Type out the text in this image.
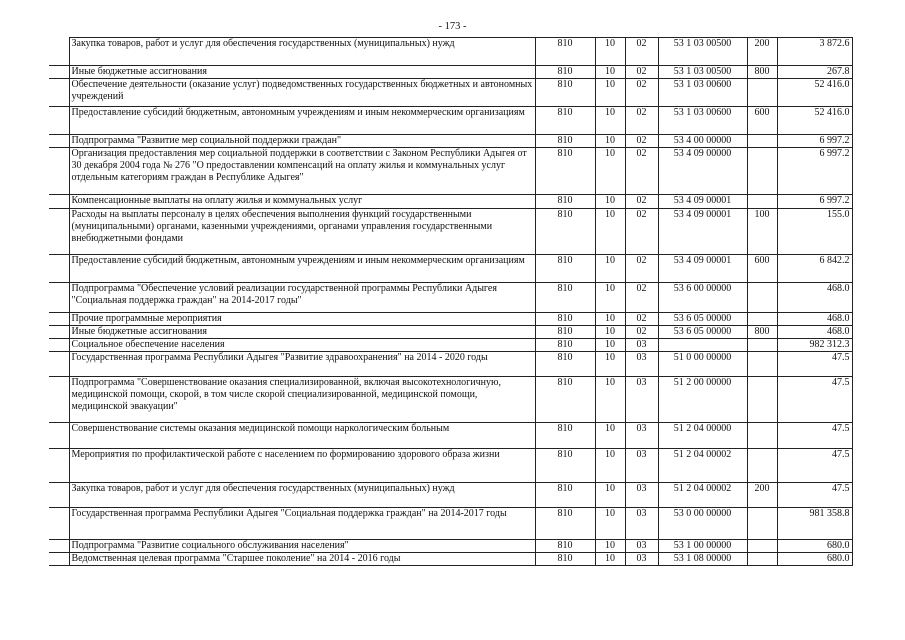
- 173 -
	Закупка товаров, работ и услуг для обеспечения государственных (муниципальных) нужд	810	10	02	53 1 03 00500	200	3 872.6
	Иные бюджетные ассигнования	810	10	02	53 1 03 00500	800	267.8
	Обеспечение деятельности (оказание услуг) подведомственных государственных бюджетных и автономных учреждений	810	10	02	53 1 03 00600		52 416.0
	Предоставление субсидий бюджетным, автономным учреждениям и иным некоммерческим организациям	810	10	02	53 1 03 00600	600	52 416.0
	Подпрограмма "Развитие мер социальной поддержки граждан"	810	10	02	53 4 00 00000		6 997.2
	Организация предоставления мер социальной поддержки в соответствии с Законом Республики Адыгея от 30 декабря 2004 года № 276 "О предоставлении компенсаций на оплату жилья и коммунальных услуг отдельным категориям граждан в Республике Адыгея"	810	10	02	53 4 09 00000		6 997.2
	Компенсационные выплаты на оплату жилья и коммунальных услуг	810	10	02	53 4 09 00001		6 997.2
	Расходы на выплаты персоналу в целях обеспечения выполнения функций государственными (муниципальными) органами, казенными учреждениями, органами управления государственными внебюджетными фондами	810	10	02	53 4 09 00001	100	155.0
	Предоставление субсидий бюджетным, автономным учреждениям и иным некоммерческим организациям	810	10	02	53 4 09 00001	600	6 842.2
	Подпрограмма "Обеспечение условий реализации государственной программы Республики Адыгея "Социальная поддержка граждан" на 2014-2017 годы"	810	10	02	53 6 00 00000		468.0
	Прочие программные мероприятия	810	10	02	53 6 05 00000		468.0
	Иные бюджетные ассигнования	810	10	02	53 6 05 00000	800	468.0
	Социальное обеспечение населения	810	10	03			982 312.3
	Государственная программа Республики Адыгея "Развитие здравоохранения" на 2014 - 2020 годы	810	10	03	51 0 00 00000		47.5
	Подпрограмма "Совершенствование оказания специализированной, включая высокотехнологичную, медицинской помощи, скорой, в том числе скорой специализированной, медицинской помощи, медицинской эвакуации"	810	10	03	51 2 00 00000		47.5
	Совершенствование системы оказания медицинской помощи наркологическим больным	810	10	03	51 2 04 00000		47.5
	Мероприятия по профилактической работе с населением по формированию здорового образа жизни	810	10	03	51 2 04 00002		47.5
	Закупка товаров, работ и услуг для обеспечения государственных (муниципальных) нужд	810	10	03	51 2 04 00002	200	47.5
	Государственная программа Республики Адыгея "Социальная поддержка граждан" на 2014-2017 годы	810	10	03	53 0 00 00000		981 358.8
	Подпрограмма "Развитие социального обслуживания населения"	810	10	03	53 1 00 00000		680.0
	Ведомственная целевая программа "Старшее поколение" на 2014 - 2016 годы	810	10	03	53 1 08 00000		680.0
